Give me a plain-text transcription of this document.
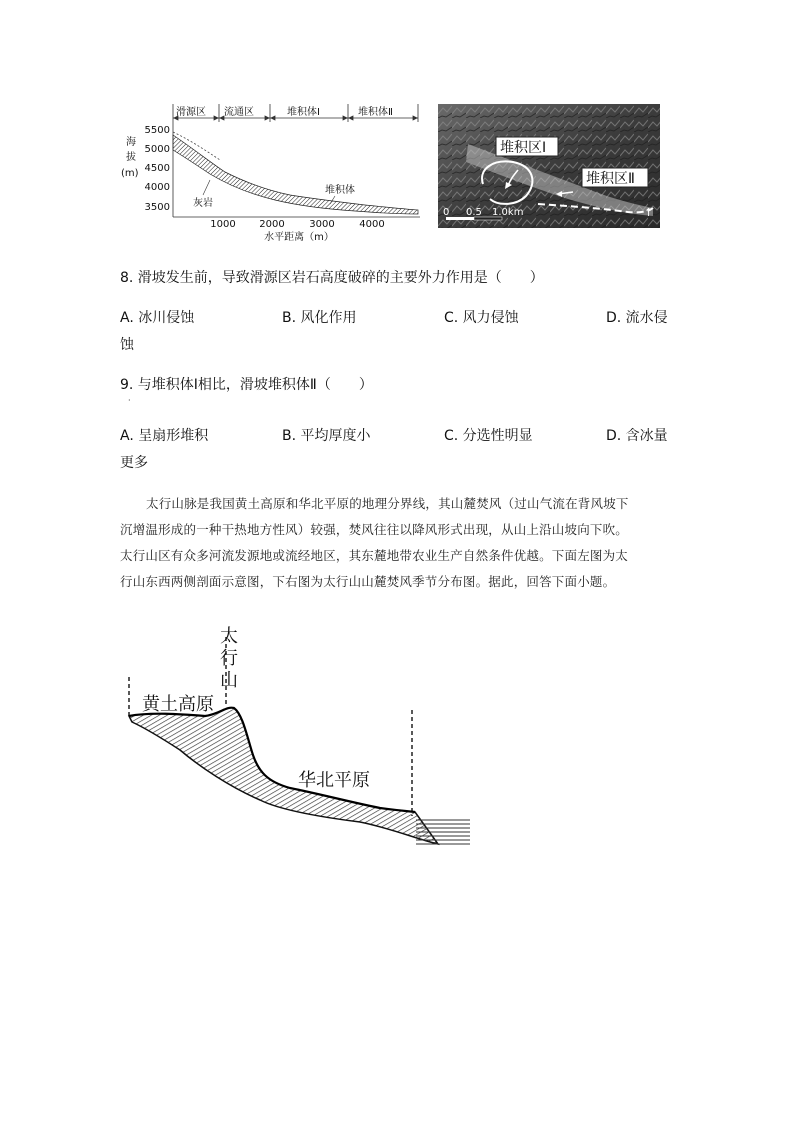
滑源区 流通区	堆积体Ⅰ	堆积体Ⅱ
海
拔
(m)
5500
5000
4500
4000
3500
1000 2000 3000 4000
水平距离（m）
灰岩
堆积体
堆积区Ⅰ
堆积区Ⅱ
0 0.5 1.0km	↑
8. 滑坡发生前，导致滑源区岩石高度破碎的主要外力作用是（　　）
A. 冰川侵蚀	B. 风化作用	C. 风力侵蚀	D. 流水侵
蚀
9. 与堆积体Ⅰ相比，滑坡堆积体Ⅱ（　　）
·
A. 呈扇形堆积	B. 平均厚度小	C. 分选性明显	D. 含冰量
更多
太行山脉是我国黄土高原和华北平原的地理分界线，其山麓焚风（过山气流在背风坡下
沉增温形成的一种干热地方性风）较强，焚风往往以降风形式出现，从山上沿山坡向下吹。
太行山区有众多河流发源地或流经地区，其东麓地带农业生产自然条件优越。下面左图为太
行山东西两侧剖面示意图，下右图为太行山山麓焚风季节分布图。据此，回答下面小题。
太
行
山
黄土高原
华北平原
